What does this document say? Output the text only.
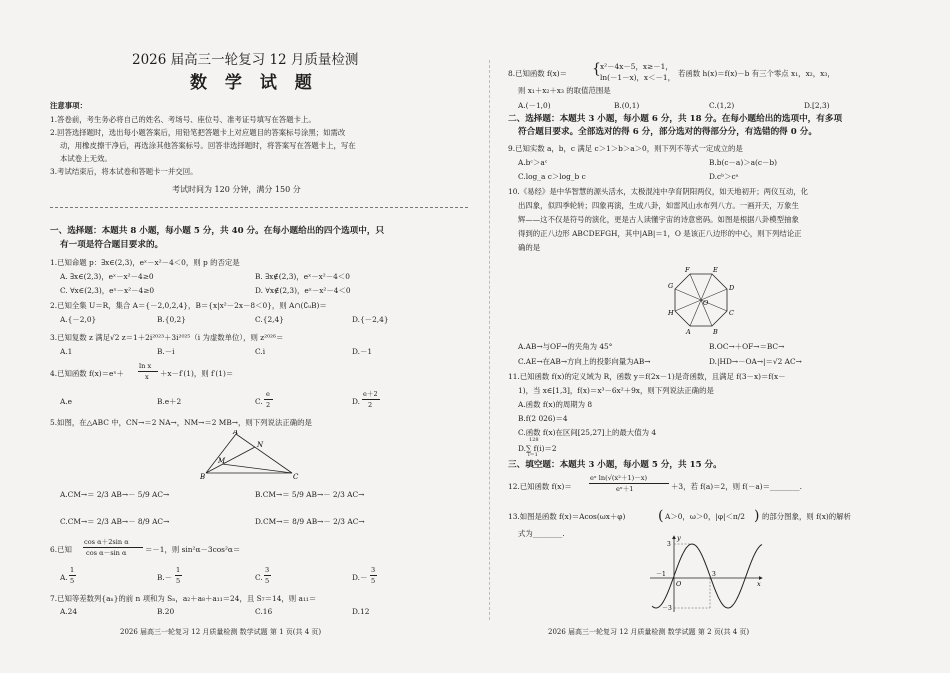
2026 届高三一轮复习 12 月质量检测
数 学 试 题
注意事项：
1.答卷前，考生务必将自己的姓名、考场号、座位号、准考证号填写在答题卡上。
2.回答选择题时，选出每小题答案后，用铅笔把答题卡上对应题目的答案标号涂黑；如需改
动，用橡皮擦干净后，再选涂其他答案标号。回答非选择题时，将答案写在答题卡上，写在
本试卷上无效。
3.考试结束后，将本试卷和答题卡一并交回。
考试时间为 120 分钟，满分 150 分
一、选择题：本题共 8 小题，每小题 5 分，共 40 分。在每小题给出的四个选项中，只
有一项是符合题目要求的。
1.已知命题 p：∃x∈(2,3)，eˣ－x²－4＜0，则 p 的否定是
A. ∃x∈(2,3)，eˣ－x²－4≥0	B. ∃x∉(2,3)，eˣ－x²－4＜0
C. ∀x∈(2,3)，eˣ－x²－4≥0	D. ∀x∉(2,3)，eˣ－x²－4＜0
2.已知全集 U＝R，集合 A＝{－2,0,2,4}，B＝{x|x²－2x－8＜0}，则 A∩(∁ᵤB)＝
A.{－2,0}	B.{0,2}	C.{2,4}	D.{－2,4}
3.已知复数 z 满足√2 z＝1＋2i²⁰²³＋3i²⁰²⁵（i 为虚数单位），则 z²⁰²⁶＝
A.1	B.－i	C.i	D.－1
4.已知函数 f(x)＝eˣ＋
ln x
x ＋x－f′(1)，则 f′(1)＝
A.e	B.e＋2	C.
e
2	D.
e＋2
2
5.如图，在△ABC 中，CN→＝2 NA→，NM→＝2 MB→，则下列说法正确的是
A
B	C
M
N
A.CM→＝ 2/3 AB→－ 5/9 AC→	B.CM→＝ 5/9 AB→－ 2/3 AC→
C.CM→＝ 2/3 AB→－ 8/9 AC→	D.CM→＝ 8/9 AB→－ 2/3 AC→
6.已知
cos α＋2sin α
cos α－sin α	＝－1，则 sin²α－3cos²α＝
A.
1
5	B.－
1
5	C.
3
5	D.－
3
5
7.已知等差数列{aₙ}的前 n 项和为 Sₙ，a₂＋a₈＋a₁₁＝24，且 S₇＝14，则 a₁₁＝
A.24	B.20	C.16	D.12
2026 届高三一轮复习 12 月质量检测 数学试题 第 1 页(共 4 页)
8.已知函数 f(x)＝ { x²－4x－5，x≥－1，
ln(－1－x)，x＜－1， 若函数 h(x)＝f(x)－b 有三个零点 x₁，x₂，x₃，
则 x₁＋x₂＋x₃ 的取值范围是
A.(－1,0)	B.(0,1)	C.(1,2)	D.[2,3)
二、选择题：本题共 3 小题，每小题 6 分，共 18 分。在每小题给出的选项中，有多项
符合题目要求。全部选对的得 6 分，部分选对的得部分分，有选错的得 0 分。
9.已知实数 a，b，c 满足 c＞1＞b＞a＞0，则下列不等式一定成立的是
A.bᶜ＞aᶜ	B.b(c－a)＞a(c－b)
C.log_a c＞log_b c	D.cᵇ＞cᵃ
10.《易经》是中华智慧的源头活水，太极混沌中孕育阴阳两仪，如天地初开；两仪互动，化
出四象，似四季轮转；四象再演，生成八卦，如雷风山水布列八方。一画开天，万象生
辉——这不仅是符号的演化，更是古人读懂宇宙的诗意密码。如图是根据八卦模型抽象
得到的正八边形 ABCDEFGH，其中|AB|＝1，O 是该正八边形的中心，则下列结论正
确的是
A	B
C
D
E
F
G
H
O
A.AB→与OF→的夹角为 45°	B.OC→＋OF→＝BC→
C.AE→在AB→方向上的投影向量为AB→	D.|HD→－OA→|＝√2 AC→
11.已知函数 f(x)的定义域为 R，函数 y＝f(2x－1)是奇函数，且满足 f(3－x)＝f(x－
1)，当 x∈[1,3]，f(x)＝x³－6x²＋9x，则下列说法正确的是
A.函数 f(x)的周期为 8
B.f(2 026)＝4
C.函数 f(x)在区间[25,27]上的最大值为 4
D.∑ f(i)＝2
128
i＝1
三、填空题：本题共 3 小题，每小题 5 分，共 15 分。
12.已知函数 f(x)＝
eˣ ln(√(x²＋1)－x)
eˣ＋1	＋3，若 f(a)＝2，则 f(－a)＝________.
13.如图是函数 f(x)＝Acos(ωx＋φ) ( A＞0，ω＞0，|φ|＜π/2 ) 的部分图象，则 f(x)的解析
式为________.	y
x
O
－1	3
3
－3
2026 届高三一轮复习 12 月质量检测 数学试题 第 2 页(共 4 页)
